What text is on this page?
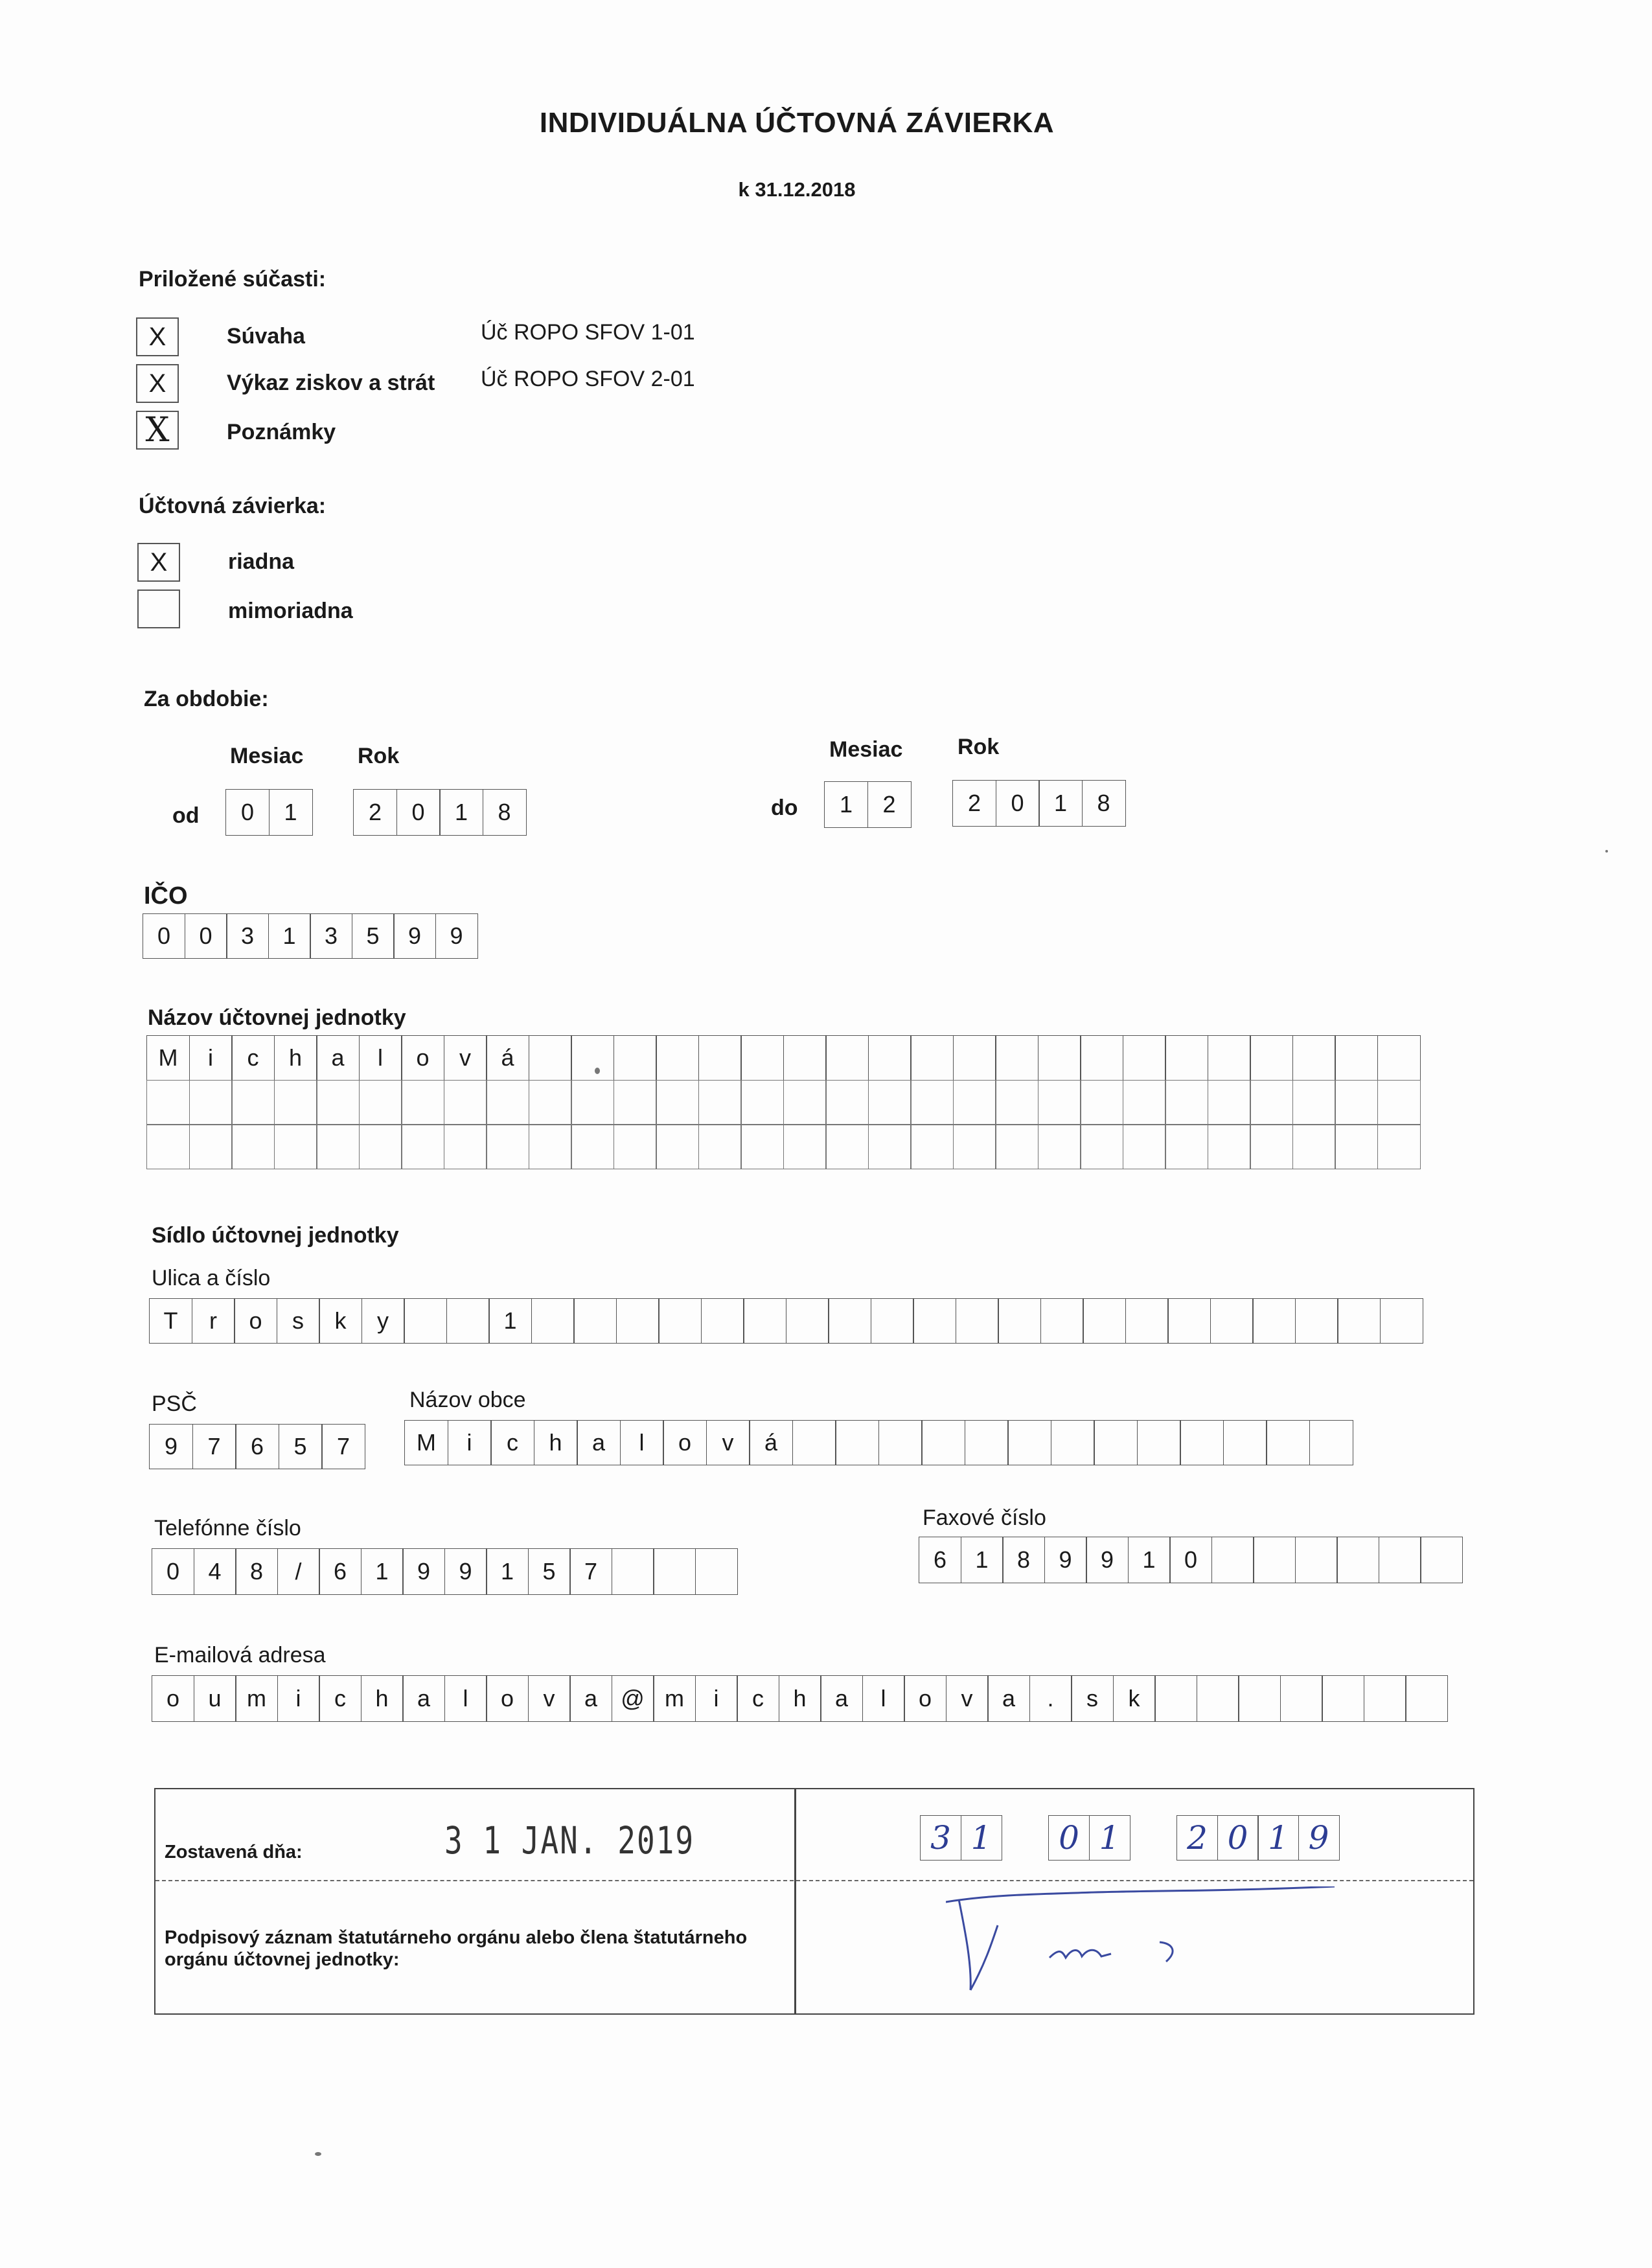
INDIVIDUÁLNA ÚČTOVNÁ ZÁVIERKA
k 31.12.2018
Priložené súčasti:
X	Súvaha	Úč ROPO SFOV 1-01
X	Výkaz ziskov a strát Úč ROPO SFOV 2-01
X	Poznámky
Účtovná závierka:
X	riadna
mimoriadna
Za obdobie:
Mesiac Rok
od	0	1	2	0	1	8
Mesiac Rok
do	1	2	2	0	1	8
IČO
0	0	3	1	3	5	9	9
Názov účtovnej jednotky
M	i	c	h	a	l	o	v	á
Sídlo účtovnej jednotky
Ulica a číslo
T	r	o	s	k	y	1
PSČ
9	7	6	5	7
Názov obce
M	i	c	h	a	l	o	v	á
Telefónne číslo
0	4	8	/	6	1	9	9	1	5	7
Faxové číslo
6	1	8	9	9	1	0
E-mailová adresa
o	u	m	i	c	h	a	l	o	v	a	@ m	i	c	h	a	l	o	v	a	.	s	k
Zostavená dňa:	3 1 JAN. 2019	3 1 0 1 2 0 1 9
Podpisový záznam štatutárneho orgánu alebo člena štatutárneho orgánu účtovnej jednotky:
